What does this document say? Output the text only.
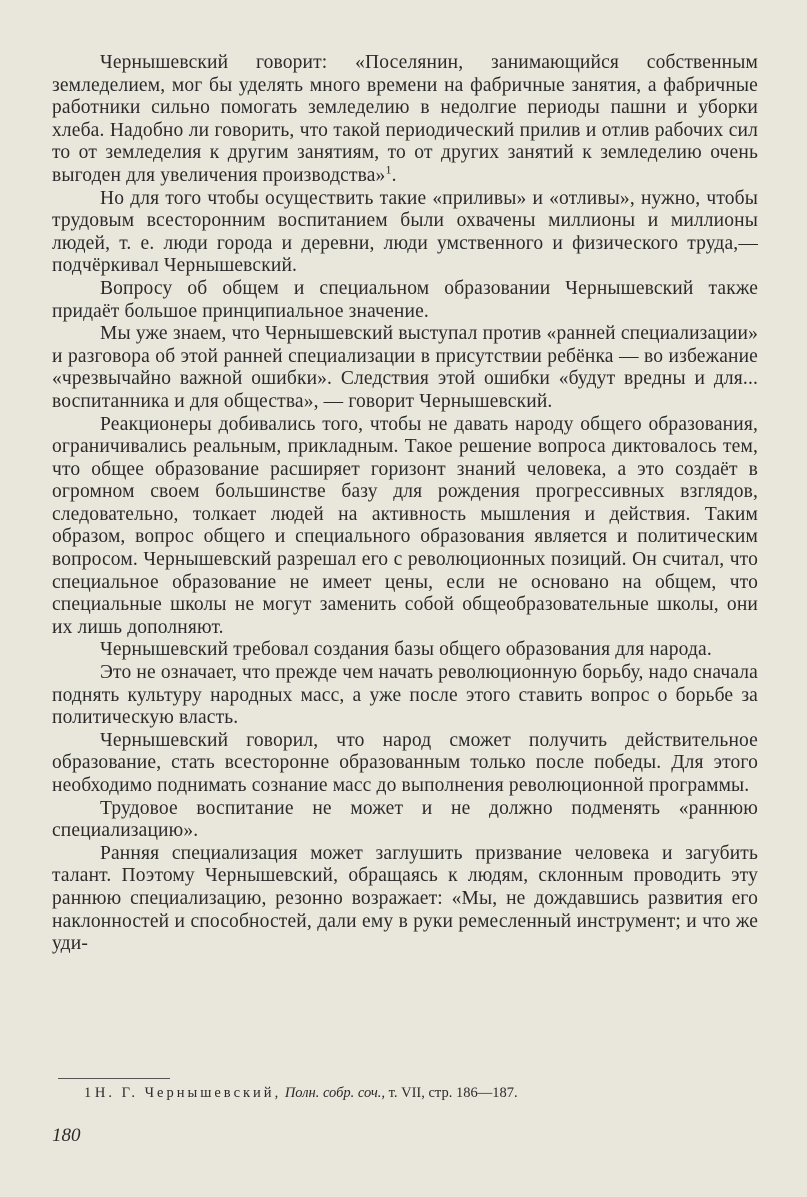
Чернышевский говорит: «Поселянин, занимающийся собственным земледелием, мог бы уделять много времени на фабричные занятия, а фабричные работники сильно помогать земледелию в недолгие периоды пашни и уборки хлеба. Надобно ли говорить, что такой периодический прилив и отлив рабочих сил то от земледелия к другим занятиям, то от других занятий к земледелию очень выгоден для увеличения производства»$^1$.

Но для того чтобы осуществить такие «приливы» и «отливы», нужно, чтобы трудовым всесторонним воспитанием были охвачены миллионы и миллионы людей, т. е. люди города и деревни, люди умственного и физического труда,— подчёркивал Чернышевский.

Вопросу об общем и специальном образовании Чернышевский также придаёт большое принципиальное значение.

Мы уже знаем, что Чернышевский выступал против «ранней специализации» и разговора об этой ранней специализации в присутствии ребёнка — во избежание «чрезвычайно важной ошибки». Следствия этой ошибки «будут вредны и для... воспитанника и для общества», — говорит Чернышевский.

Реакционеры добивались того, чтобы не давать народу общего образования, ограничивались реальным, прикладным. Такое решение вопроса диктовалось тем, что общее образование расширяет горизонт знаний человека, а это создаёт в огромном своем большинстве базу для рождения прогрессивных взглядов, следовательно, толкает людей на активность мышления и действия. Таким образом, вопрос общего и специального образования является и политическим вопросом. Чернышевский разрешал его с революционных позиций. Он считал, что специальное образование не имеет цены, если не основано на общем, что специальные школы не могут заменить собой общеобразовательные школы, они их лишь дополняют.

Чернышевский требовал создания базы общего образования для народа.

Это не означает, что прежде чем начать революционную борьбу, надо сначала поднять культуру народных масс, а уже после этого ставить вопрос о борьбе за политическую власть.

Чернышевский говорил, что народ сможет получить действительное образование, стать всесторонне образованным только после победы. Для этого необходимо поднимать сознание масс до выполнения революционной программы.

Трудовое воспитание не может и не должно подменять «раннюю специализацию».

Ранняя специализация может заглушить призвание человека и загубить талант. Поэтому Чернышевский, обращаясь к людям, склонным проводить эту раннюю специализацию, резонно возражает: «Мы, не дождавшись развития его наклонностей и способностей, дали ему в руки ремесленный инструмент; и что же уди-

1 Н. Г. Чернышевский, Полн. собр. соч., т. VII, стр. 186—187.
180
